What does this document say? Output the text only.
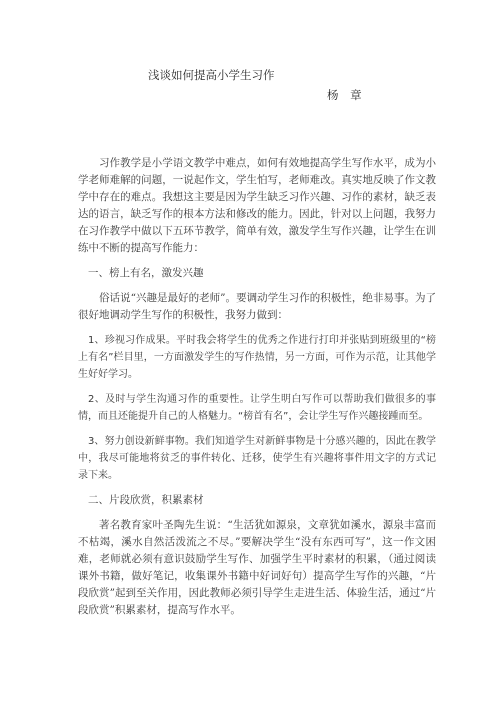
浅谈如何提高小学生习作
杨 章

习作教学是小学语文教学中难点，如何有效地提高学生写作水平，成为小学老师难解的问题，一说起作文，学生怕写，老师难改。真实地反映了作文教学中存在的难点。我想这主要是因为学生缺乏习作兴趣、习作的素材，缺乏表达的语言，缺乏写作的根本方法和修改的能力。因此，针对以上问题，我努力在习作教学中做以下五环节教学，简单有效，激发学生写作兴趣，让学生在训练中不断的提高写作能力：

一、榜上有名，激发兴趣

俗话说“兴趣是最好的老师”。要调动学生习作的积极性，绝非易事。为了很好地调动学生写作的积极性，我努力做到：

1、珍视习作成果。平时我会将学生的优秀之作进行打印并张贴到班级里的“榜上有名”栏目里，一方面激发学生的写作热情，另一方面，可作为示范，让其他学生好好学习。

2、及时与学生沟通习作的重要性。让学生明白写作可以帮助我们做很多的事情，而且还能提升自己的人格魅力。“榜首有名”，会让学生写作兴趣接踵而至。

3、努力创设新鲜事物。我们知道学生对新鲜事物是十分感兴趣的，因此在教学中，我尽可能地将贫乏的事件转化、迁移，使学生有兴趣将事件用文字的方式记录下来。

二、片段欣赏，积累素材

著名教育家叶圣陶先生说：“生活犹如源泉，文章犹如溪水，源泉丰富而不枯竭，溪水自然活泼流之不尽。”要解决学生“没有东西可写”，这一作文困难，老师就必须有意识鼓励学生写作、加强学生平时素材的积累，（通过阅读课外书籍，做好笔记，收集课外书籍中好词好句）提高学生写作的兴趣，“片段欣赏”起到至关作用，因此教师必须引导学生走进生活、体验生活，通过“片段欣赏”积累素材，提高写作水平。
